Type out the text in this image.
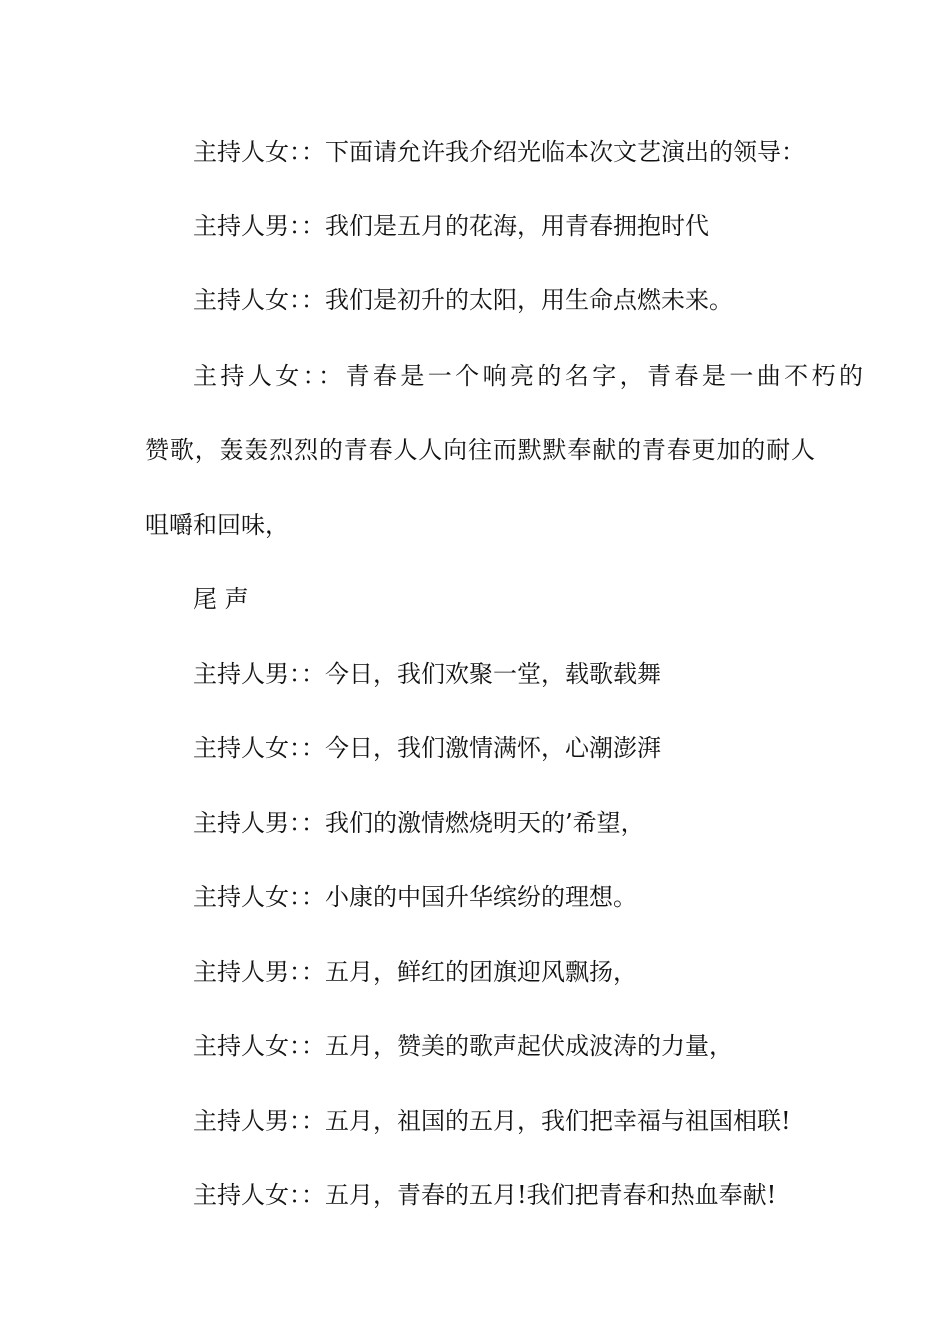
主持人女：：下面请允许我介绍光临本次文艺演出的领导：
主持人男：：我们是五月的花海，用青春拥抱时代
主持人女：：我们是初升的太阳，用生命点燃未来。
主持人女：：青春是一个响亮的名字，青春是一曲不朽的
赞歌，轰轰烈烈的青春人人向往而默默奉献的青春更加的耐人
咀嚼和回味，
尾 声
主持人男：：今日，我们欢聚一堂，载歌载舞
主持人女：：今日，我们激情满怀，心潮澎湃
主持人男：：我们的激情燃烧明天的’希望，
主持人女：：小康的中国升华缤纷的理想。
主持人男：：五月，鲜红的团旗迎风飘扬，
主持人女：：五月，赞美的歌声起伏成波涛的力量，
主持人男：：五月，祖国的五月，我们把幸福与祖国相联!
主持人女：：五月，青春的五月!我们把青春和热血奉献!
